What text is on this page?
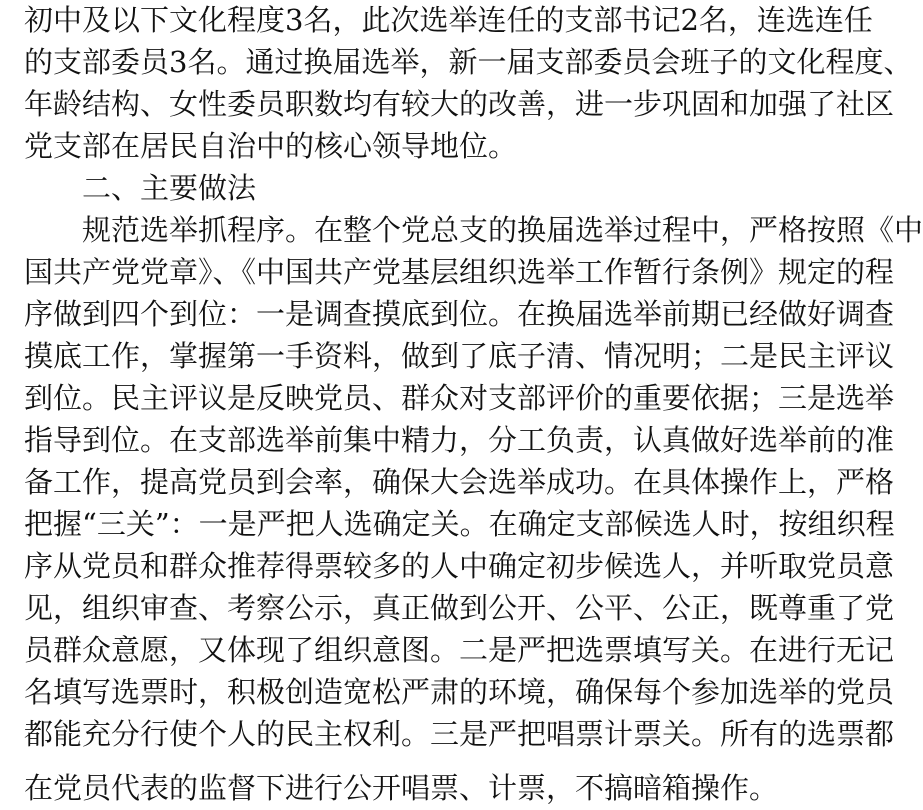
初中及以下文化程度3名，此次选举连任的支部书记2名，连选连任
的支部委员3名。通过换届选举，新一届支部委员会班子的文化程度、
年龄结构、女性委员职数均有较大的改善，进一步巩固和加强了社区
党支部在居民自治中的核心领导地位。
二、主要做法
规范选举抓程序。在整个党总支的换届选举过程中，严格按照《中
国共产党党章》、《中国共产党基层组织选举工作暂行条例》规定的程
序做到四个到位：一是调查摸底到位。在换届选举前期已经做好调查
摸底工作，掌握第一手资料，做到了底子清、情况明；二是民主评议
到位。民主评议是反映党员、群众对支部评价的重要依据；三是选举
指导到位。在支部选举前集中精力，分工负责，认真做好选举前的准
备工作，提高党员到会率，确保大会选举成功。在具体操作上，严格
把握“三关”：一是严把人选确定关。在确定支部候选人时，按组织程
序从党员和群众推荐得票较多的人中确定初步候选人，并听取党员意
见，组织审查、考察公示，真正做到公开、公平、公正，既尊重了党
员群众意愿，又体现了组织意图。二是严把选票填写关。在进行无记
名填写选票时，积极创造宽松严肃的环境，确保每个参加选举的党员
都能充分行使个人的民主权利。三是严把唱票计票关。所有的选票都
在党员代表的监督下进行公开唱票、计票，不搞暗箱操作。
